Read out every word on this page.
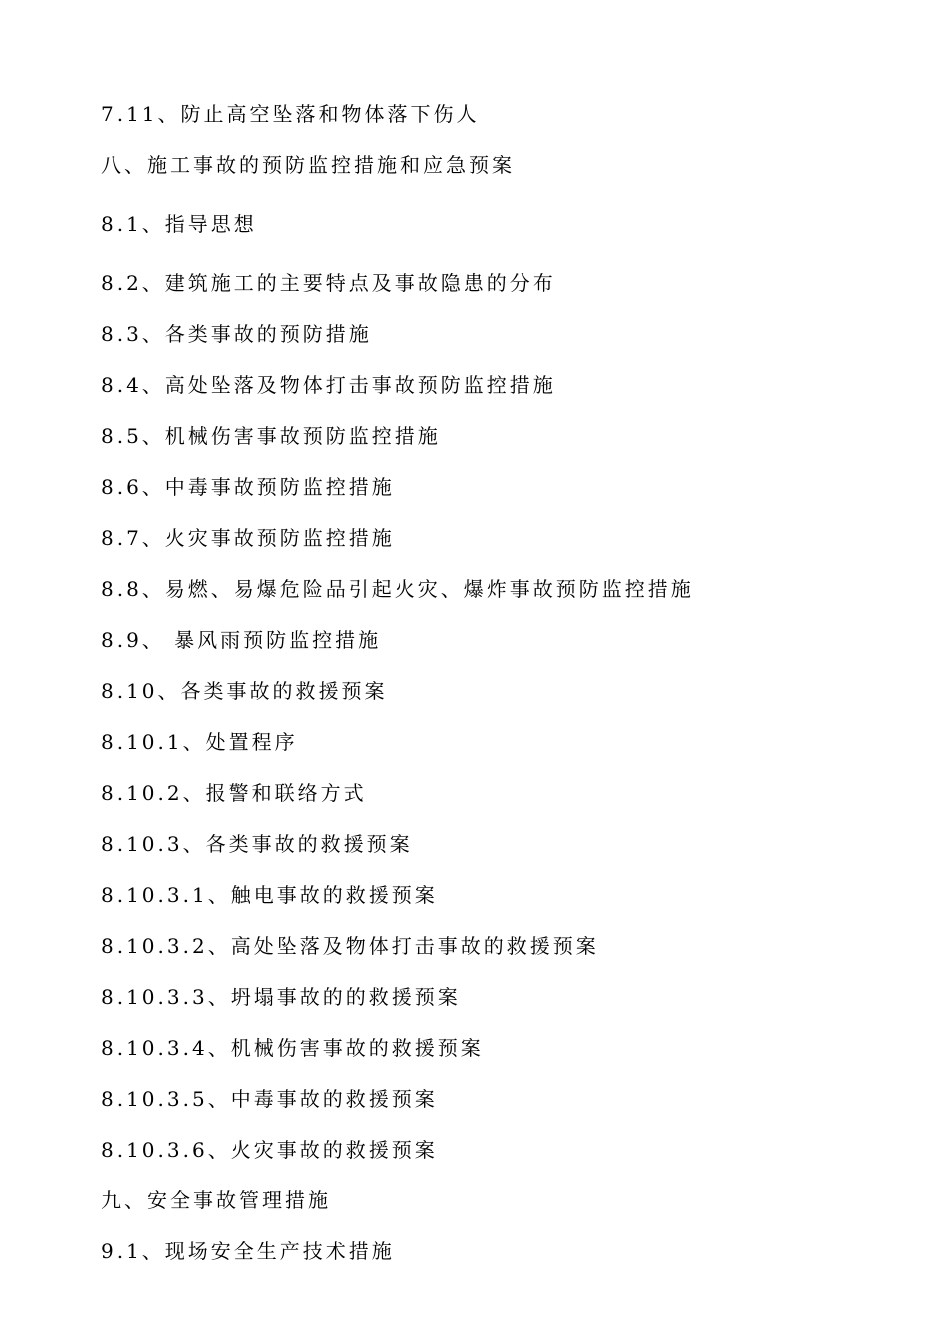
7.11、防止高空坠落和物体落下伤人
八、施工事故的预防监控措施和应急预案
8.1、指导思想
8.2、建筑施工的主要特点及事故隐患的分布
8.3、各类事故的预防措施
8.4、高处坠落及物体打击事故预防监控措施
8.5、机械伤害事故预防监控措施
8.6、中毒事故预防监控措施
8.7、火灾事故预防监控措施
8.8、易燃、易爆危险品引起火灾、爆炸事故预防监控措施
8.9、 暴风雨预防监控措施
8.10、各类事故的救援预案
8.10.1、处置程序
8.10.2、报警和联络方式
8.10.3、各类事故的救援预案
8.10.3.1、触电事故的救援预案
8.10.3.2、高处坠落及物体打击事故的救援预案
8.10.3.3、坍塌事故的的救援预案
8.10.3.4、机械伤害事故的救援预案
8.10.3.5、中毒事故的救援预案
8.10.3.6、火灾事故的救援预案
九、安全事故管理措施
9.1、现场安全生产技术措施
